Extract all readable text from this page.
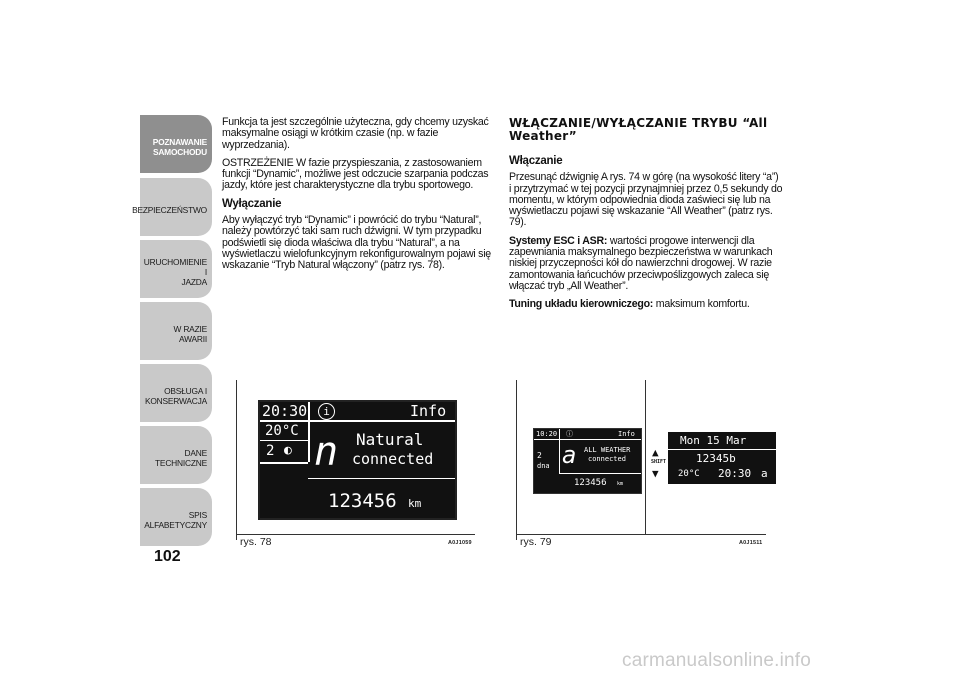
POZNAWANIE
SAMOCHODU
BEZPIECZEŃSTWO
URUCHOMIENIE I
JAZDA
W RAZIE AWARII
OBSŁUGA I
KONSERWACJA
DANE TECHNICZNE
SPIS ALFABETYCZNY
102

Funkcja ta jest szczególnie użyteczna, gdy chcemy uzyskać maksymalne osiągi w krótkim czasie (np. w fazie wyprzedzania).

OSTRZEŻENIE W fazie przyspieszania, z zastosowaniem funkcji “Dynamic”, możliwe jest odczucie szarpania podczas jazdy, które jest charakterystyczne dla trybu sportowego.

Wyłączanie

Aby wyłączyć tryb “Dynamic” i powrócić do trybu “Natural”, należy powtórzyć taki sam ruch dźwigni. W tym przypadku podświetli się dioda właściwa dla trybu “Natural”, a na wyświetlaczu wielofunkcyjnym rekonfigurowalnym pojawi się wskazanie “Tryb Natural włączony” (patrz rys. 78).

WŁĄCZANIE/WYŁĄCZANIE TRYBU “All Weather”
Włączanie

Przesunąć dźwignię A rys. 74 w górę (na wysokość litery “a”) i przytrzymać w tej pozycji przynajmniej przez 0,5 sekundy do momentu, w którym odpowiednia dioda zaświeci się lub na wyświetlaczu pojawi się wskazanie “All Weather” (patrz rys. 79).

Systemy ESC i ASR: wartości progowe interwencji dla zapewniania maksymalnego bezpieczeństwa w warunkach niskiej przyczepności kół do nawierzchni drogowej. W razie zamontowania łańcuchów przeciwpoślizgowych zaleca się włączać tryb „All Weather”.

Tuning układu kierowniczego: maksimum komfortu.

20:30	i	Info
20°C
2 ◐ n Natural
connected
123456 km
rys. 78	A0J1059
10:20 ⓘ	Info
2
dna a ALL WEATHER
connected
123456 km
▲
SHIFT
▼
Mon 15 Mar
12345b
20°C 20:30 a
rys. 79	A0J1511
carmanualsonline.info
